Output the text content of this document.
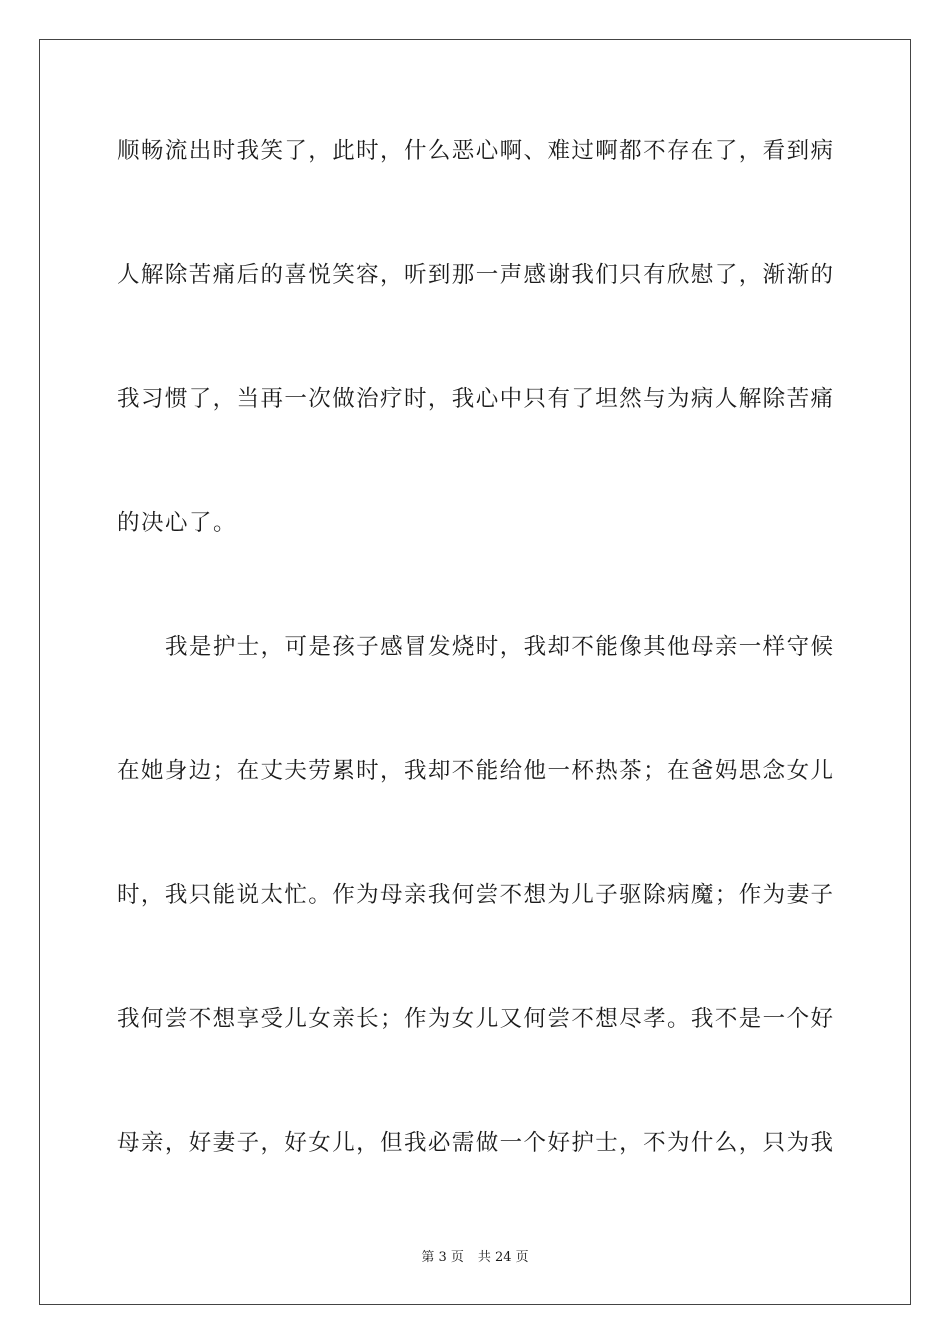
顺畅流出时我笑了，此时，什么恶心啊、难过啊都不存在了，看到病
人解除苦痛后的喜悦笑容，听到那一声感谢我们只有欣慰了，渐渐的
我习惯了，当再一次做治疗时，我心中只有了坦然与为病人解除苦痛
的决心了。
我是护士，可是孩子感冒发烧时，我却不能像其他母亲一样守候
在她身边；在丈夫劳累时，我却不能给他一杯热茶；在爸妈思念女儿
时，我只能说太忙。作为母亲我何尝不想为儿子驱除病魔；作为妻子
我何尝不想享受儿女亲长；作为女儿又何尝不想尽孝。我不是一个好
母亲，好妻子，好女儿，但我必需做一个好护士，不为什么，只为我
第 3 页 共 24 页
